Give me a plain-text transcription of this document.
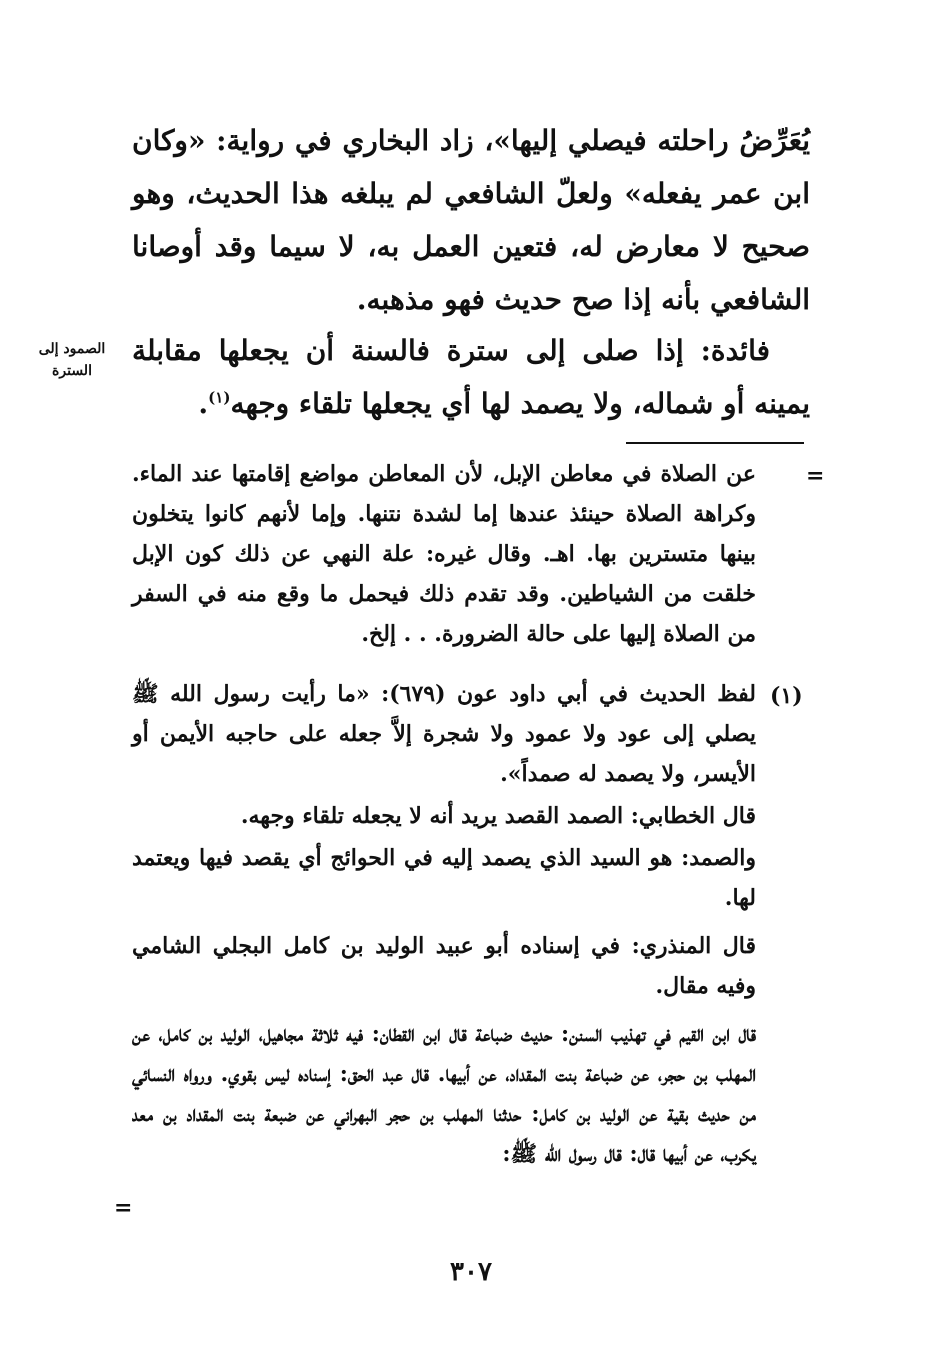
يُعَرِّضُ راحلته فيصلي إليها»، زاد البخاري في رواية: «وكان ابن عمر يفعله» ولعلّ الشافعي لم يبلغه هذا الحديث، وهو صحيح لا معارض له، فتعين العمل به، لا سيما وقد أوصانا الشافعي بأنه إذا صح حديث فهو مذهبه.

فائدة: إذا صلى إلى سترة فالسنة أن يجعلها مقابلة يمينه أو شماله، ولا يصمد لها أي يجعلها تلقاء وجهه$^{(١)}$.

الصمود إلى
السترة
=

عن الصلاة في معاطن الإبل، لأن المعاطن مواضع إقامتها عند الماء. وكراهة الصلاة حينئذ عندها إما لشدة نتنها. وإما لأنهم كانوا يتخلون بينها متسترين بها. اهـ. وقال غيره: علة النهي عن ذلك كون الإبل خلقت من الشياطين. وقد تقدم ذلك فيحمل ما وقع منه في السفر من الصلاة إليها على حالة الضرورة. . . إلخ.

(١)

لفظ الحديث في أبي داود عون (٦٧٩): «ما رأيت رسول الله ﷺ يصلي إلى عود ولا عمود ولا شجرة إلاَّ جعله على حاجبه الأيمن أو الأيسر، ولا يصمد له صمداً».

قال الخطابي: الصمد القصد يريد أنه لا يجعله تلقاء وجهه.

والصمد: هو السيد الذي يصمد إليه في الحوائج أي يقصد فيها ويعتمد لها.

قال المنذري: في إسناده أبو عبيد الوليد بن كامل البجلي الشامي وفيه مقال.

قال ابن القيم في تهذيب السنن: حديث ضباعة قال ابن القطان: فيه ثلاثة مجاهيل، الوليد بن كامل، عن المهلب بن حجر، عن ضباعة بنت المقداد، عن أبيها. قال عبد الحق: إسناده ليس بقوي. ورواه النسائي من حديث بقية عن الوليد بن كامل: حدثنا المهلب بن حجر البهراني عن ضبعة بنت المقداد بن معد يكرب، عن أبيها قال: قال رسول الله ﷺ:

=
٣٠٧
